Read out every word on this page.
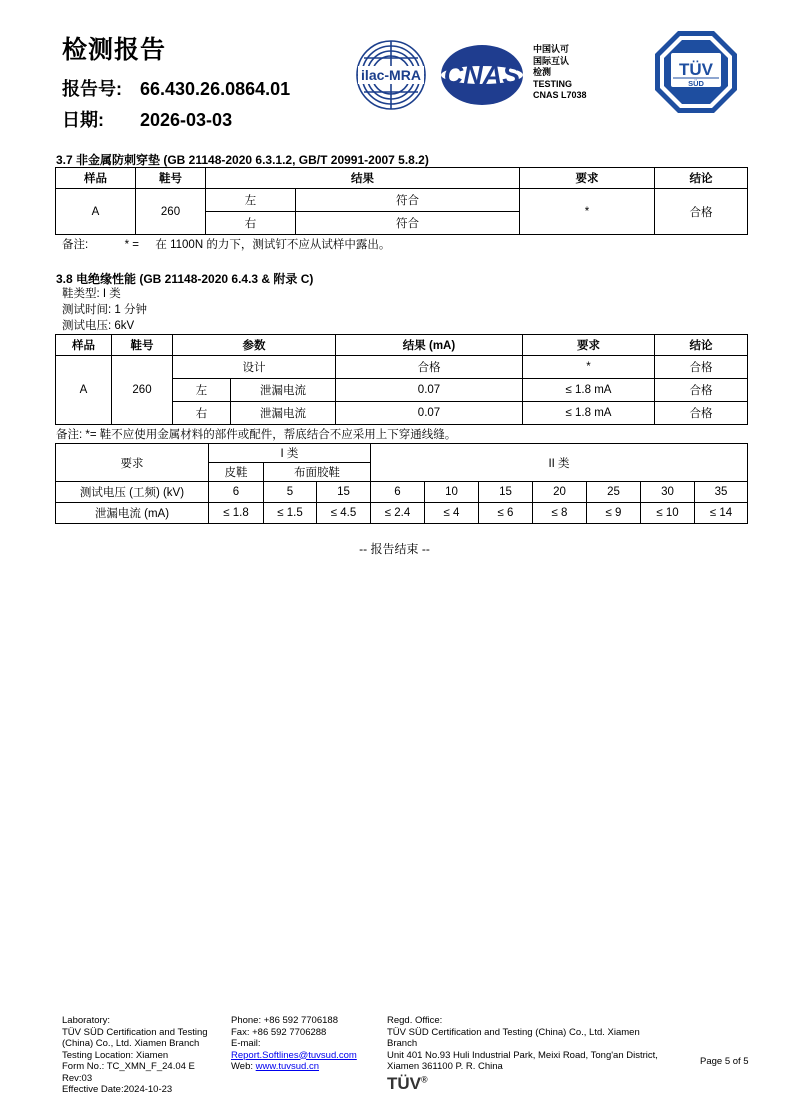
检测报告
报告号: 66.430.26.0864.01
日期: 2026-03-03
ilac-MRA CNAS
中国认可
国际互认
检测
TESTING
CNAS L7038
TÜV
SÜD
3.7 非金属防刺穿垫 (GB 21148-2020 6.3.1.2, GB/T 20991-2007 5.8.2)
样品	鞋号	结果		要求	结论
A	260	左	符合	*	合格
		右	符合		
备注:	* = 在 1100N 的力下，测试钉不应从试样中露出。
3.8 电绝缘性能 (GB 21148-2020 6.4.3 & 附录 C)
鞋类型: I 类
测试时间: 1 分钟
测试电压: 6kV
样品	鞋号	参数		结果 (mA)	要求	结论
A	260	设计		合格	*	合格
		左	泄漏电流	0.07	≤ 1.8 mA	合格
		右	泄漏电流	0.07	≤ 1.8 mA	合格
备注: *= 鞋不应使用金属材料的部件或配件，帮底结合不应采用上下穿通线缝。
要求	I 类			II 类						
	皮鞋	布面胶鞋								
测试电压 (工频) (kV)	6	5	15	6	10	15	20	25	30	35
泄漏电流 (mA)	≤ 1.8	≤ 1.5	≤ 4.5	≤ 2.4	≤ 4	≤ 6	≤ 8	≤ 9	≤ 10	≤ 14
-- 报告结束 --
Laboratory:
TÜV SÜD Certification and Testing
(China) Co., Ltd. Xiamen Branch
Testing Location: Xiamen
Form No.: TC_XMN_F_24.04 E
Rev:03
Effective Date:2024-10-23
Phone: +86 592 7706188
Fax: +86 592 7706288
E-mail:
Report.Softlines@tuvsud.com
Web: www.tuvsud.cn
Regd. Office:
TÜV SÜD Certification and Testing (China) Co., Ltd. Xiamen
Branch
Unit 401 No.93 Huli Industrial Park, Meixi Road, Tong'an District,
Xiamen 361100 P. R. China
TÜV®
Page 5 of 5
